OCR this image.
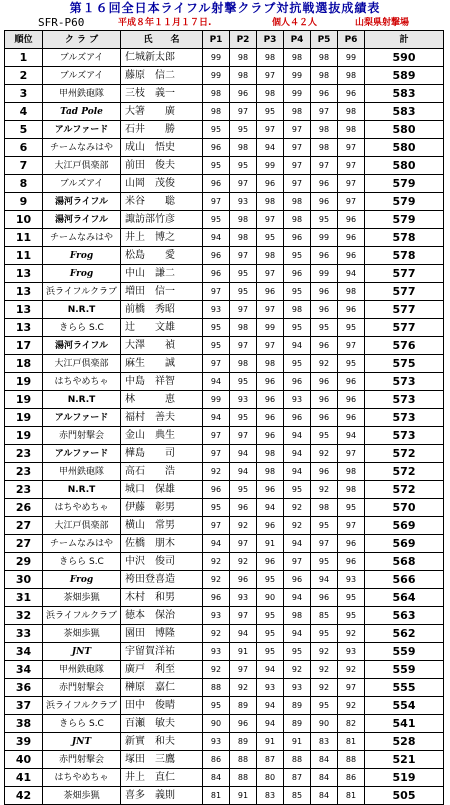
第１６回全日本ライフル射撃クラブ対抗戦選抜成績表
SFR-P60	平成８年１１月１７日.	個人４２人	山梨県射撃場
順位	ク ラ ブ	氏　　名	P1	P2	P3	P4	P5	P6	計
1	ブルズアイ	仁城新太郎	99	98	98	98	98	99	590
2	ブルズアイ	藤原　信二	99	98	97	99	98	98	589
3	甲州鉄砲隊	三枝　義一	98	96	98	99	96	96	583
4	Tad Pole	大箸　　廣	98	97	95	98	97	98	583
5	アルファード	石井　　勝	95	95	97	97	98	98	580
6	チームなみはや	成山　悟史	96	98	94	97	98	97	580
7	大江戸倶楽部	前田　俊夫	95	95	99	97	97	97	580
8	ブルズアイ	山岡　茂俊	96	97	96	97	96	97	579
9	湯河ライフル	米谷　　聡	97	93	98	98	96	97	579
10	湯河ライフル	諏訪部竹彦	95	98	97	98	95	96	579
11	チームなみはや	井上　博之	94	98	95	96	99	96	578
11	Frog	松島　　愛	96	97	98	95	96	96	578
13	Frog	中山　謙二	96	95	97	96	99	94	577
13	浜ライフルクラブ	増田　信一	97	95	96	95	96	98	577
13	N.R.T	前橋　秀昭	93	97	97	98	96	96	577
13	きらら S.C	辻　　文雄	95	98	99	95	95	95	577
17	湯河ライフル	大澤　　禎	95	97	97	94	96	97	576
18	大江戸倶楽部	麻生　　誠	97	98	98	95	92	95	575
19	はちやめちゃ	中島　祥智	94	95	96	96	96	96	573
19	N.R.T	林　　　恵	99	93	96	93	96	96	573
19	アルファード	福村　善夫	94	95	96	96	96	96	573
19	赤門射撃会	金山　典生	97	97	96	94	95	94	573
23	アルファード	樺島　　司	97	94	98	94	92	97	572
23	甲州鉄砲隊	高石　　浩	92	94	98	94	96	98	572
23	N.R.T	城口　保雄	96	95	96	95	92	98	572
26	はちやめちゃ	伊藤　彰男	95	96	94	92	98	95	570
27	大江戸倶楽部	横山　常男	97	92	96	92	95	97	569
27	チームなみはや	佐橋　朋木	94	97	91	94	97	96	569
29	きらら S.C	中沢　俊司	92	92	96	97	95	96	568
30	Frog	袴田登喜造	92	96	95	96	94	93	566
31	茶畑歩猟	木村　和男	96	93	90	94	96	95	564
32	浜ライフルクラブ	徳本　保治	93	97	95	98	85	95	563
33	茶畑歩猟	園田　博隆	92	94	95	94	95	92	562
34	JNT	宇留賀洋祐	93	91	95	95	92	93	559
34	甲州鉄砲隊	廣戸　利至	92	97	94	92	92	92	559
36	赤門射撃会	榊原　嘉仁	88	92	93	93	92	97	555
37	浜ライフルクラブ	田中　俊晴	95	89	94	89	95	92	554
38	きらら S.C	百瀬　敏夫	90	96	94	89	90	82	541
39	JNT	新實　和夫	93	89	91	91	83	81	528
40	赤門射撃会	塚田　三鷹	86	88	87	88	84	88	521
41	はちやめちゃ	井上　直仁	84	88	80	87	84	86	519
42	茶畑歩猟	喜多　義則	81	91	83	85	84	81	505
